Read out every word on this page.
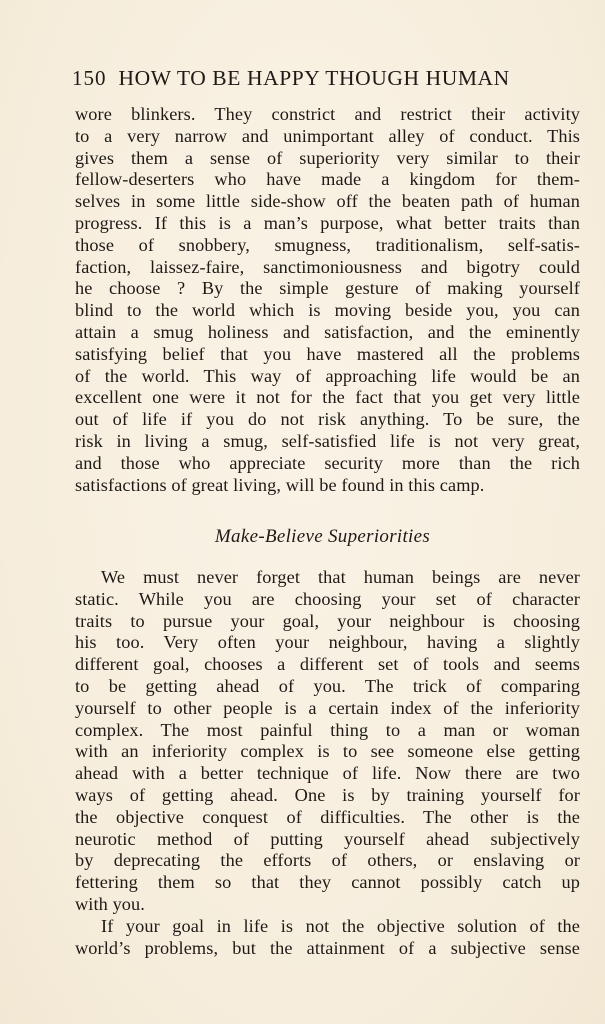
150 HOW TO BE HAPPY THOUGH HUMAN
wore blinkers. They constrict and restrict their activity
to a very narrow and unimportant alley of conduct. This
gives them a sense of superiority very similar to their
fellow-deserters who have made a kingdom for them-
selves in some little side-show off the beaten path of human
progress. If this is a man’s purpose, what better traits than
those of snobbery, smugness, traditionalism, self-satis-
faction, laissez-faire, sanctimoniousness and bigotry could
he choose ? By the simple gesture of making yourself
blind to the world which is moving beside you, you can
attain a smug holiness and satisfaction, and the eminently
satisfying belief that you have mastered all the problems
of the world. This way of approaching life would be an
excellent one were it not for the fact that you get very little
out of life if you do not risk anything. To be sure, the
risk in living a smug, self-satisfied life is not very great,
and those who appreciate security more than the rich
satisfactions of great living, will be found in this camp.
Make-Believe Superiorities
We must never forget that human beings are never
static. While you are choosing your set of character
traits to pursue your goal, your neighbour is choosing
his too. Very often your neighbour, having a slightly
different goal, chooses a different set of tools and seems
to be getting ahead of you. The trick of comparing
yourself to other people is a certain index of the inferiority
complex. The most painful thing to a man or woman
with an inferiority complex is to see someone else getting
ahead with a better technique of life. Now there are two
ways of getting ahead. One is by training yourself for
the objective conquest of difficulties. The other is the
neurotic method of putting yourself ahead subjectively
by deprecating the efforts of others, or enslaving or
fettering them so that they cannot possibly catch up
with you.
If your goal in life is not the objective solution of the
world’s problems, but the attainment of a subjective sense
